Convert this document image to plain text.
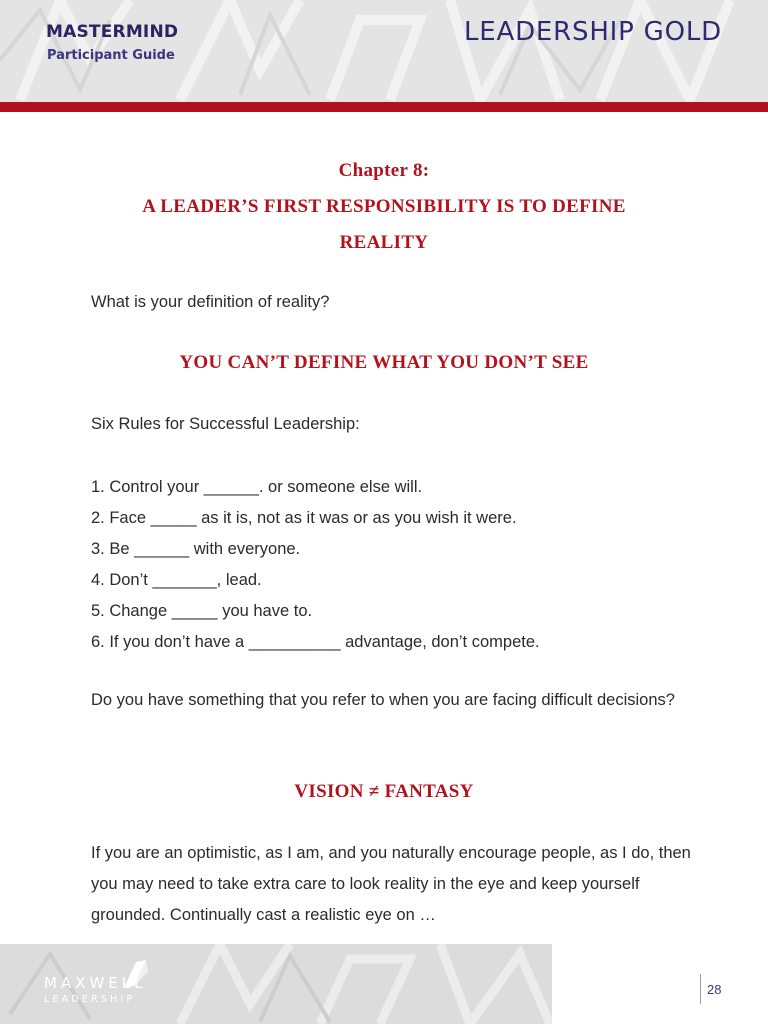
MASTERMIND
Participant Guide
LEADERSHIP GOLD
Chapter 8:
A LEADER’S FIRST RESPONSIBILITY IS TO DEFINE
REALITY
What is your definition of reality?
YOU CAN’T DEFINE WHAT YOU DON’T SEE
Six Rules for Successful Leadership:
1. Control your ______. or someone else will.
2. Face _____ as it is, not as it was or as you wish it were.
3. Be ______ with everyone.
4. Don’t _______, lead.
5. Change _____ you have to.
6. If you don’t have a __________ advantage, don’t compete.
Do you have something that you refer to when you are facing difficult decisions?
VISION ≠ FANTASY
If you are an optimistic, as I am, and you naturally encourage people, as I do, then you may need to take extra care to look reality in the eye and keep yourself grounded. Continually cast a realistic eye on …
MAXWELL
LEADERSHIP
28
